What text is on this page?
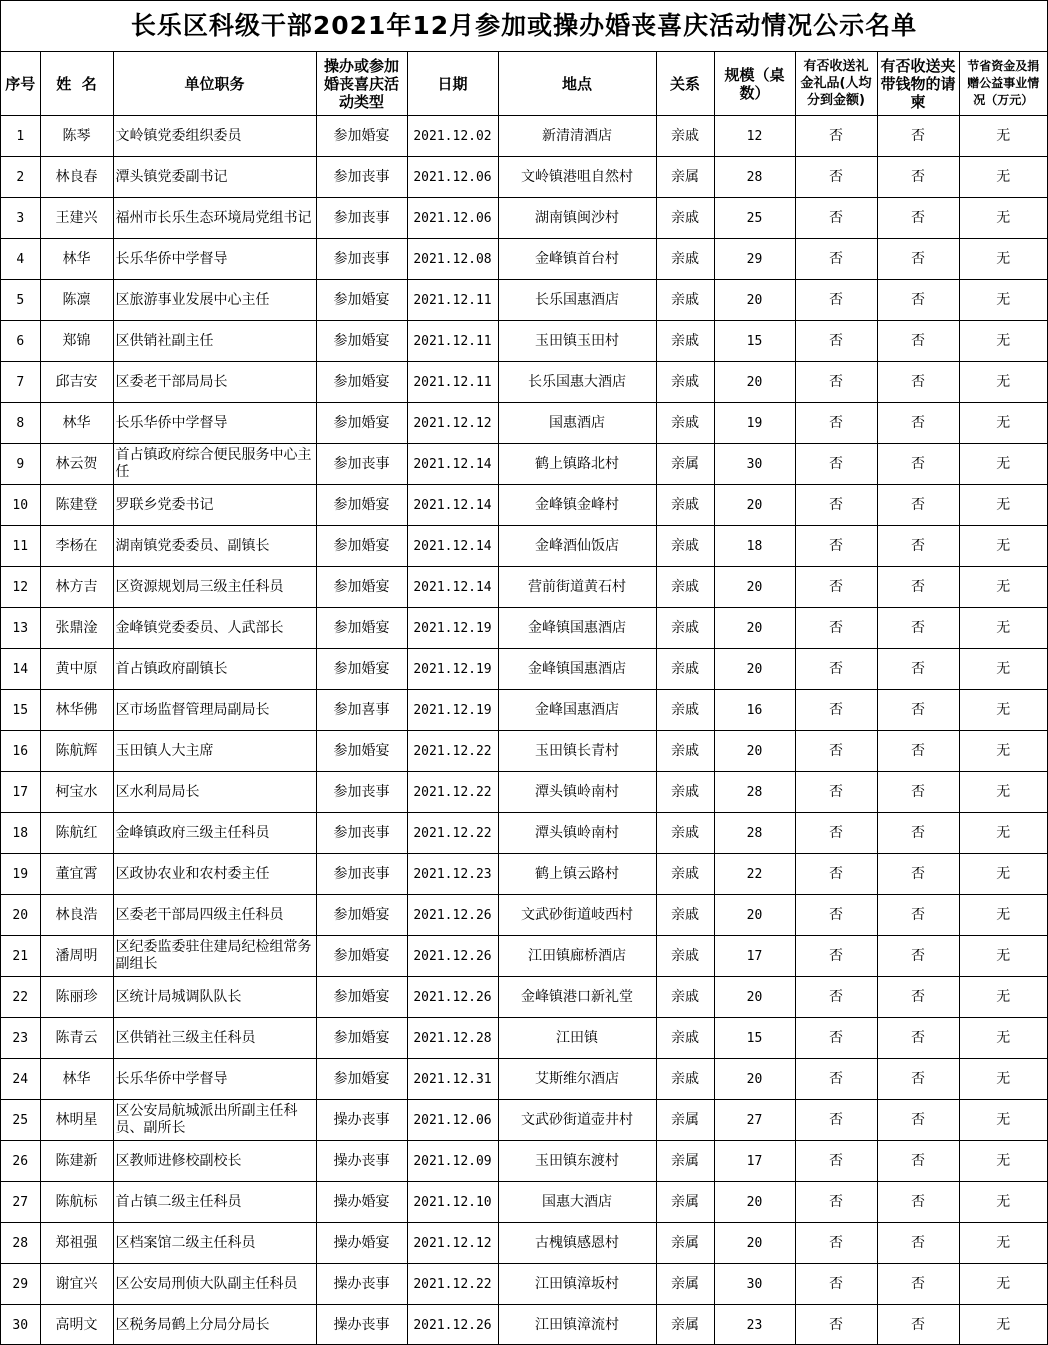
长乐区科级干部2021年12月参加或操办婚丧喜庆活动情况公示名单
序号	姓  名	单位职务	操办或参加婚丧喜庆活动类型	日期	地点	关系	规模（桌数）	有否收送礼金礼品(人均分到金额)	有否收送夹带钱物的请柬	节省资金及捐赠公益事业情况（万元）
1	陈琴	文岭镇党委组织委员	参加婚宴	2021.12.02	新清清酒店	亲戚	12	否	否	无
2	林良春	潭头镇党委副书记	参加丧事	2021.12.06	文岭镇港咀自然村	亲属	28	否	否	无
3	王建兴	福州市长乐生态环境局党组书记	参加丧事	2021.12.06	湖南镇闽沙村	亲戚	25	否	否	无
4	林华	长乐华侨中学督导	参加丧事	2021.12.08	金峰镇首台村	亲戚	29	否	否	无
5	陈凛	区旅游事业发展中心主任	参加婚宴	2021.12.11	长乐国惠酒店	亲戚	20	否	否	无
6	郑锦	区供销社副主任	参加婚宴	2021.12.11	玉田镇玉田村	亲戚	15	否	否	无
7	邱吉安	区委老干部局局长	参加婚宴	2021.12.11	长乐国惠大酒店	亲戚	20	否	否	无
8	林华	长乐华侨中学督导	参加婚宴	2021.12.12	国惠酒店	亲戚	19	否	否	无
9	林云贺	首占镇政府综合便民服务中心主任	参加丧事	2021.12.14	鹤上镇路北村	亲属	30	否	否	无
10	陈建登	罗联乡党委书记	参加婚宴	2021.12.14	金峰镇金峰村	亲戚	20	否	否	无
11	李杨在	湖南镇党委委员、副镇长	参加婚宴	2021.12.14	金峰酒仙饭店	亲戚	18	否	否	无
12	林方吉	区资源规划局三级主任科员	参加婚宴	2021.12.14	营前街道黄石村	亲戚	20	否	否	无
13	张鼎淦	金峰镇党委委员、人武部长	参加婚宴	2021.12.19	金峰镇国惠酒店	亲戚	20	否	否	无
14	黄中原	首占镇政府副镇长	参加婚宴	2021.12.19	金峰镇国惠酒店	亲戚	20	否	否	无
15	林华佛	区市场监督管理局副局长	参加喜事	2021.12.19	金峰国惠酒店	亲戚	16	否	否	无
16	陈航辉	玉田镇人大主席	参加婚宴	2021.12.22	玉田镇长青村	亲戚	20	否	否	无
17	柯宝水	区水利局局长	参加丧事	2021.12.22	潭头镇岭南村	亲戚	28	否	否	无
18	陈航红	金峰镇政府三级主任科员	参加丧事	2021.12.22	潭头镇岭南村	亲戚	28	否	否	无
19	董宜霄	区政协农业和农村委主任	参加丧事	2021.12.23	鹤上镇云路村	亲戚	22	否	否	无
20	林良浩	区委老干部局四级主任科员	参加婚宴	2021.12.26	文武砂街道岐西村	亲戚	20	否	否	无
21	潘周明	区纪委监委驻住建局纪检组常务副组长	参加婚宴	2021.12.26	江田镇廊桥酒店	亲戚	17	否	否	无
22	陈丽珍	区统计局城调队队长	参加婚宴	2021.12.26	金峰镇港口新礼堂	亲戚	20	否	否	无
23	陈青云	区供销社三级主任科员	参加婚宴	2021.12.28	江田镇	亲戚	15	否	否	无
24	林华	长乐华侨中学督导	参加婚宴	2021.12.31	艾斯维尔酒店	亲戚	20	否	否	无
25	林明星	区公安局航城派出所副主任科员、副所长	操办丧事	2021.12.06	文武砂街道壶井村	亲属	27	否	否	无
26	陈建新	区教师进修校副校长	操办丧事	2021.12.09	玉田镇东渡村	亲属	17	否	否	无
27	陈航标	首占镇二级主任科员	操办婚宴	2021.12.10	国惠大酒店	亲属	20	否	否	无
28	郑祖强	区档案馆二级主任科员	操办婚宴	2021.12.12	古槐镇感恩村	亲属	20	否	否	无
29	谢宜兴	区公安局刑侦大队副主任科员	操办丧事	2021.12.22	江田镇漳坂村	亲属	30	否	否	无
30	高明文	区税务局鹤上分局分局长	操办丧事	2021.12.26	江田镇漳流村	亲属	23	否	否	无
